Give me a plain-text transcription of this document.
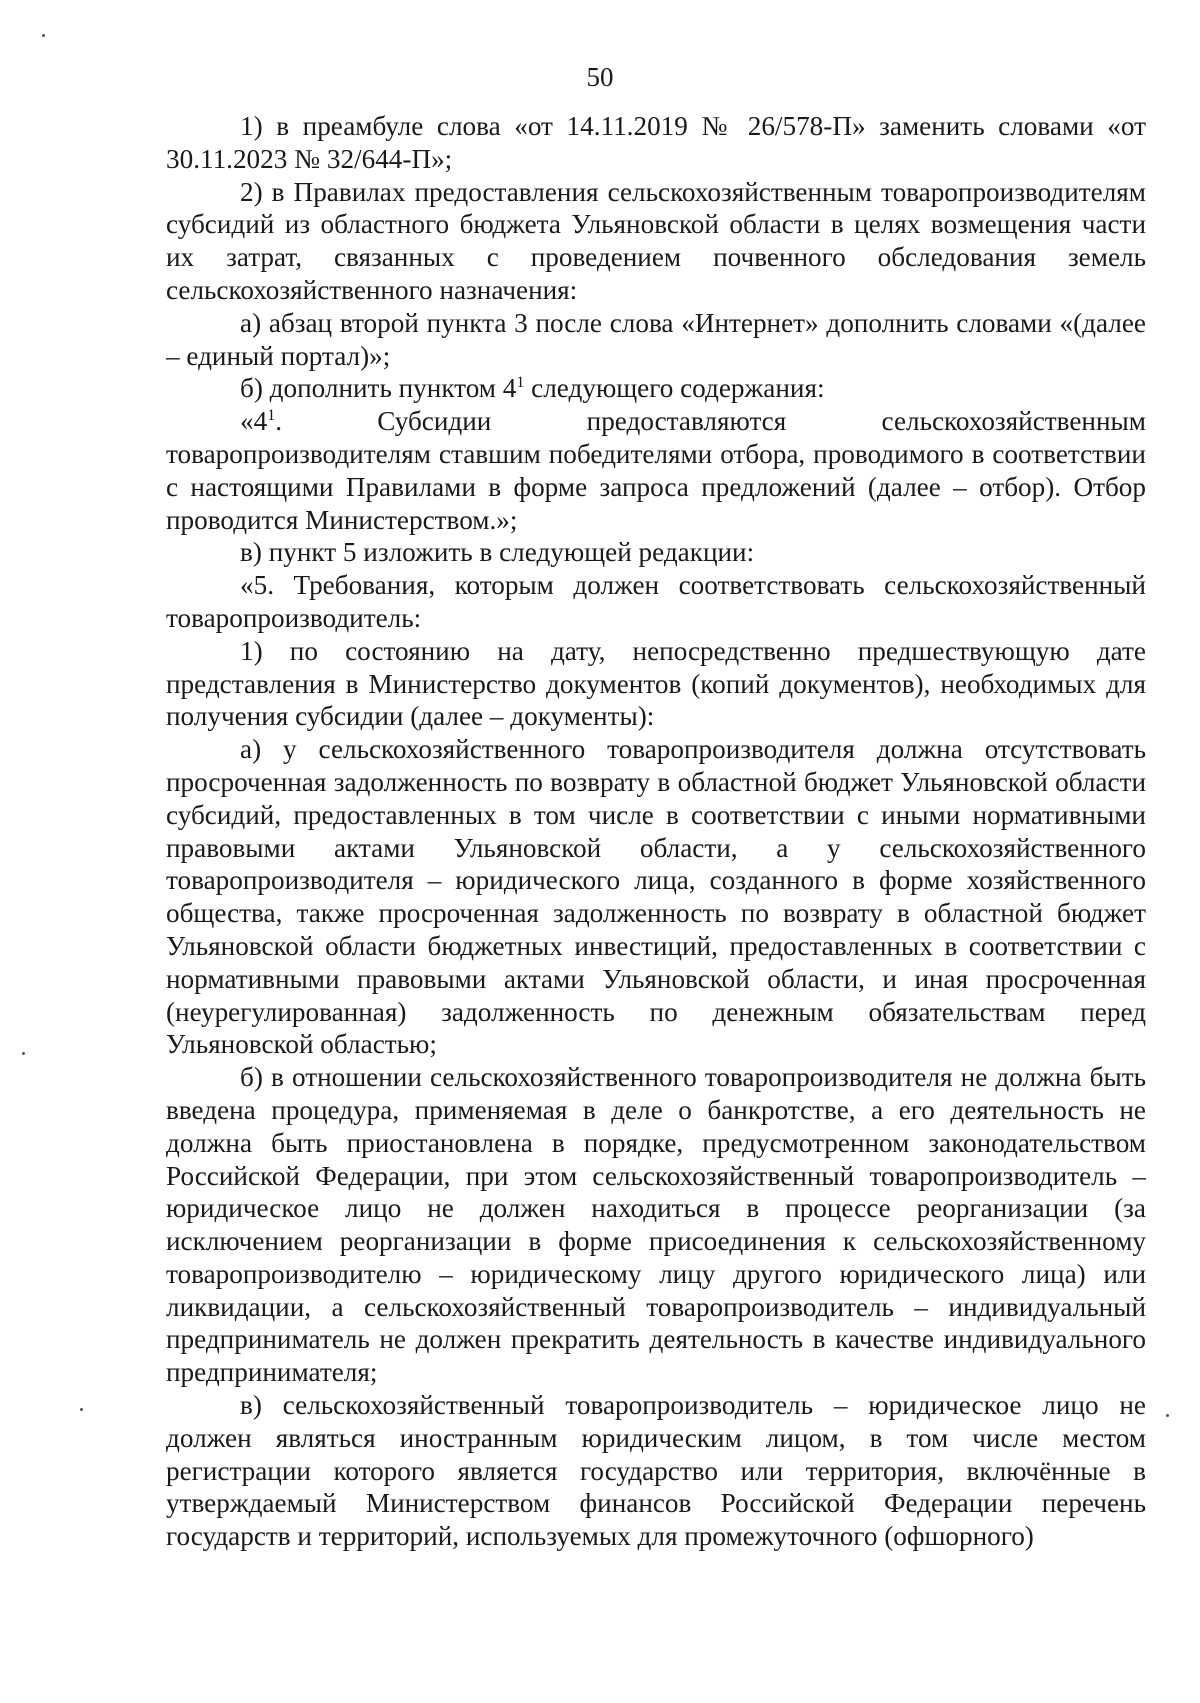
50

1) в преамбуле слова «от 14.11.2019 № 26/578-П» заменить словами «от 30.11.2023 № 32/644-П»;

2) в Правилах предоставления сельскохозяйственным товаропроизводителям субсидий из областного бюджета Ульяновской области в целях возмещения части их затрат, связанных с проведением почвенного обследования земель сельскохозяйственного назначения:

а) абзац второй пункта 3 после слова «Интернет» дополнить словами «(далее – единый портал)»;

б) дополнить пунктом $4^1$ следующего содержания:

«$4^1$. Субсидии предоставляются сельскохозяйственным товаропроизводителям ставшим победителями отбора, проводимого в соответствии с настоящими Правилами в форме запроса предложений (далее – отбор). Отбор проводится Министерством.»;

в) пункт 5 изложить в следующей редакции:

«5. Требования, которым должен соответствовать сельскохозяйственный товаропроизводитель:

1) по состоянию на дату, непосредственно предшествующую дате представления в Министерство документов (копий документов), необходимых для получения субсидии (далее – документы):

а) у сельскохозяйственного товаропроизводителя должна отсутствовать просроченная задолженность по возврату в областной бюджет Ульяновской области субсидий, предоставленных в том числе в соответствии с иными нормативными правовыми актами Ульяновской области, а у сельскохозяйственного товаропроизводителя – юридического лица, созданного в форме хозяйственного общества, также просроченная задолженность по возврату в областной бюджет Ульяновской области бюджетных инвестиций, предоставленных в соответствии с нормативными правовыми актами Ульяновской области, и иная просроченная (неурегулированная) задолженность по денежным обязательствам перед Ульяновской областью;

б) в отношении сельскохозяйственного товаропроизводителя не должна быть введена процедура, применяемая в деле о банкротстве, а его деятельность не должна быть приостановлена в порядке, предусмотренном законодательством Российской Федерации, при этом сельскохозяйственный товаропроизводитель – юридическое лицо не должен находиться в процессе реорганизации (за исключением реорганизации в форме присоединения к сельскохозяйственному товаропроизводителю – юридическому лицу другого юридического лица) или ликвидации, а сельскохозяйственный товаропроизводитель – индивидуальный предприниматель не должен прекратить деятельность в качестве индивидуального предпринимателя;

в) сельскохозяйственный товаропроизводитель – юридическое лицо не должен являться иностранным юридическим лицом, в том числе местом регистрации которого является государство или территория, включённые в утверждаемый Министерством финансов Российской Федерации перечень государств и территорий, используемых для промежуточного (офшорного)
